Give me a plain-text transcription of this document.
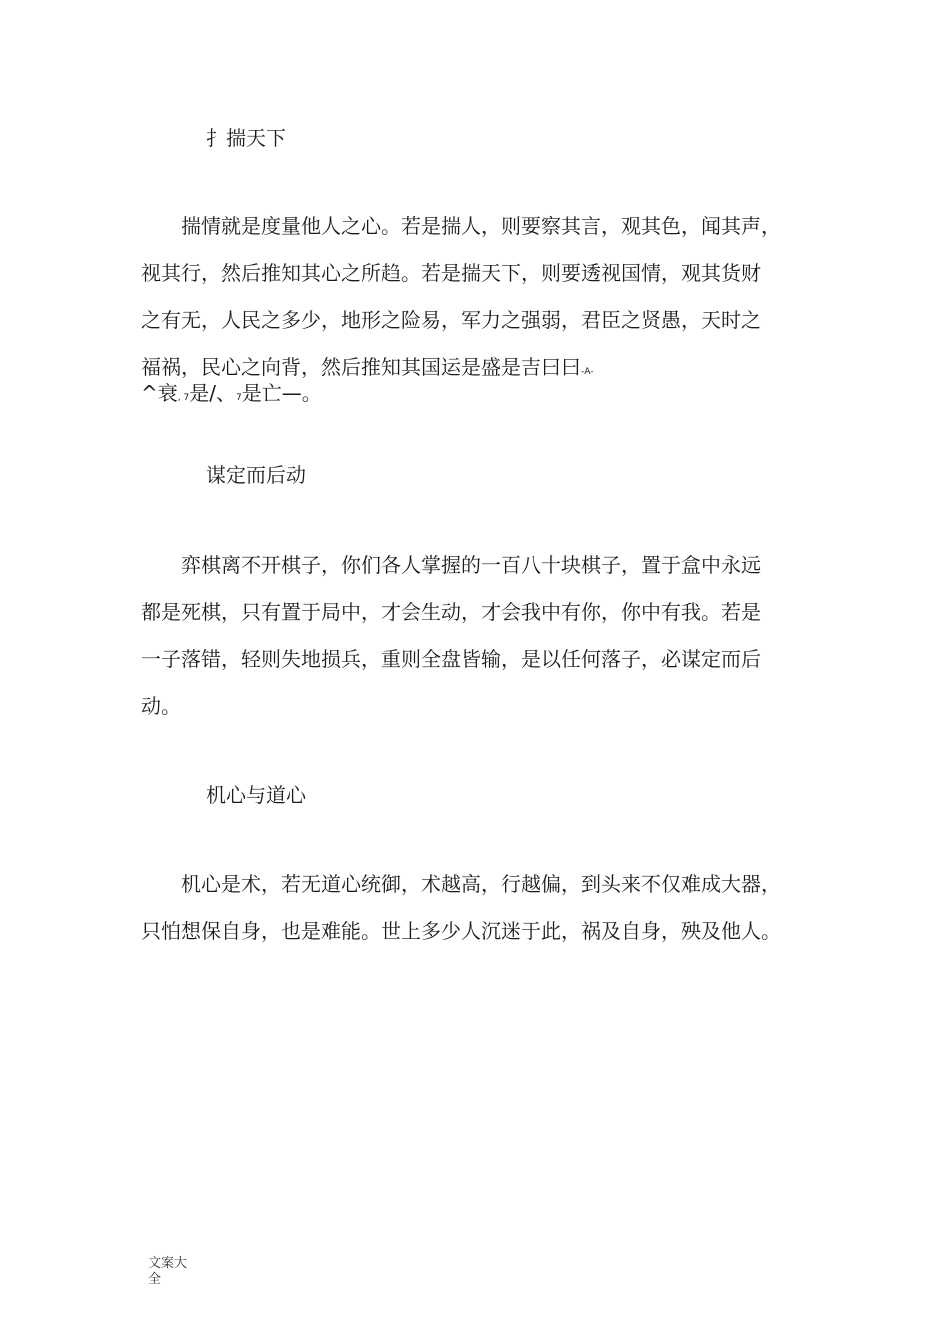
扌揣天下
揣情就是度量他人之心。若是揣人，则要察其言，观其色，闻其声，
视其行，然后推知其心之所趋。若是揣天下，则要透视国情，观其货财
之有无，人民之多少，地形之险易，军力之强弱，君臣之贤愚，天时之
福祸，民心之向背，然后推知其国运是盛是吉曰曰-A-
^衰, 7是/、7是亡—。
谋定而后动
弈棋离不开棋子，你们各人掌握的一百八十块棋子，置于盒中永远
都是死棋，只有置于局中，才会生动，才会我中有你，你中有我。若是
一子落错，轻则失地损兵，重则全盘皆输，是以任何落子，必谋定而后
动。
机心与道心
机心是术，若无道心统御，术越高，行越偏，到头来不仅难成大器，
只怕想保自身，也是难能。世上多少人沉迷于此，祸及自身，殃及他人。
文案大全
